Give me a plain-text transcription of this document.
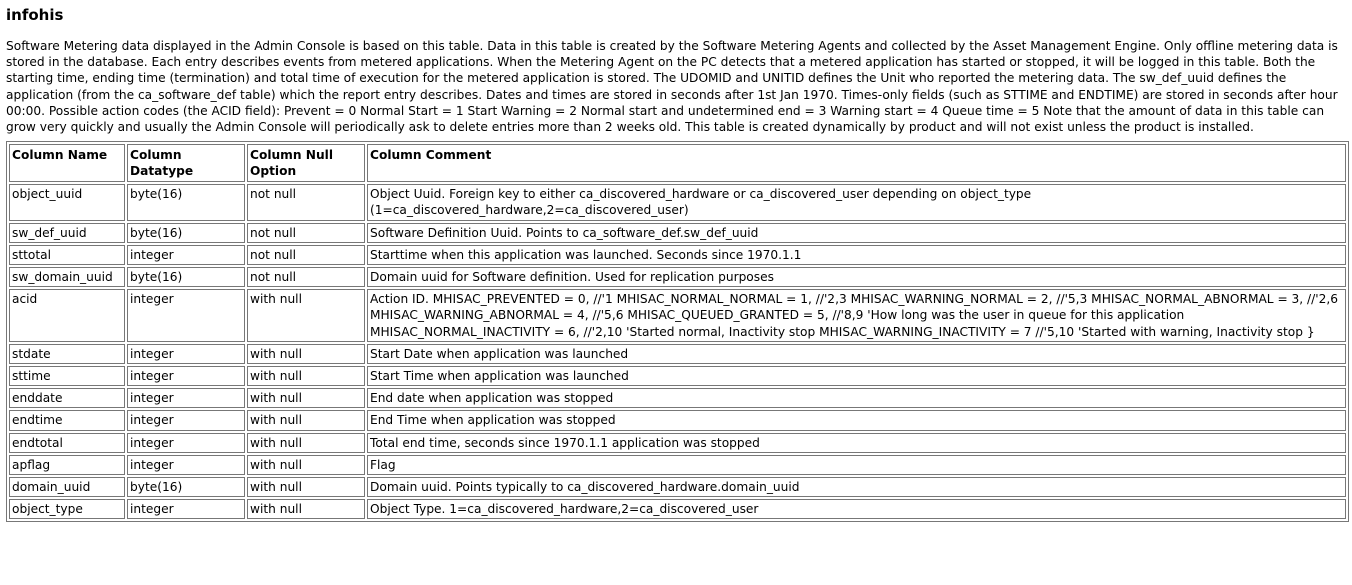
infohis
Software Metering data displayed in the Admin Console is based on this table. Data in this table is created by the Software Metering Agents and collected by the Asset Management Engine. Only offline metering data is stored in the database. Each entry describes events from metered applications. When the Metering Agent on the PC detects that a metered application has started or stopped, it will be logged in this table. Both the starting time, ending time (termination) and total time of execution for the metered application is stored. The UDOMID and UNITID defines the Unit who reported the metering data. The sw_def_uuid defines the application (from the ca_software_def table) which the report entry describes. Dates and times are stored in seconds after 1st Jan 1970. Times-only fields (such as STTIME and ENDTIME) are stored in seconds after hour 00:00. Possible action codes (the ACID field): Prevent = 0 Normal Start = 1 Start Warning = 2 Normal start and undetermined end = 3 Warning start = 4 Queue time = 5 Note that the amount of data in this table can grow very quickly and usually the Admin Console will periodically ask to delete entries more than 2 weeks old. This table is created dynamically by product and will not exist unless the product is installed.
Column Name	Column Datatype	Column Null Option	Column Comment
object_uuid	byte(16)	not null	Object Uuid. Foreign key to either ca_discovered_hardware or ca_discovered_user depending on object_type (1=ca_discovered_hardware,2=ca_discovered_user)
sw_def_uuid	byte(16)	not null	Software Definition Uuid. Points to ca_software_def.sw_def_uuid
sttotal	integer	not null	Starttime when this application was launched. Seconds since 1970.1.1
sw_domain_uuid	byte(16)	not null	Domain uuid for Software definition. Used for replication purposes
acid	integer	with null	Action ID. MHISAC_PREVENTED = 0, //'1 MHISAC_NORMAL_NORMAL = 1, //'2,3 MHISAC_WARNING_NORMAL = 2, //'5,3 MHISAC_NORMAL_ABNORMAL = 3, //'2,6 MHISAC_WARNING_ABNORMAL = 4, //'5,6 MHISAC_QUEUED_GRANTED = 5, //'8,9 'How long was the user in queue for this application MHISAC_NORMAL_INACTIVITY = 6, //'2,10 'Started normal, Inactivity stop MHISAC_WARNING_INACTIVITY = 7 //'5,10 'Started with warning, Inactivity stop }
stdate	integer	with null	Start Date when application was launched
sttime	integer	with null	Start Time when application was launched
enddate	integer	with null	End date when application was stopped
endtime	integer	with null	End Time when application was stopped
endtotal	integer	with null	Total end time, seconds since 1970.1.1 application was stopped
apflag	integer	with null	Flag
domain_uuid	byte(16)	with null	Domain uuid. Points typically to ca_discovered_hardware.domain_uuid
object_type	integer	with null	Object Type. 1=ca_discovered_hardware,2=ca_discovered_user
